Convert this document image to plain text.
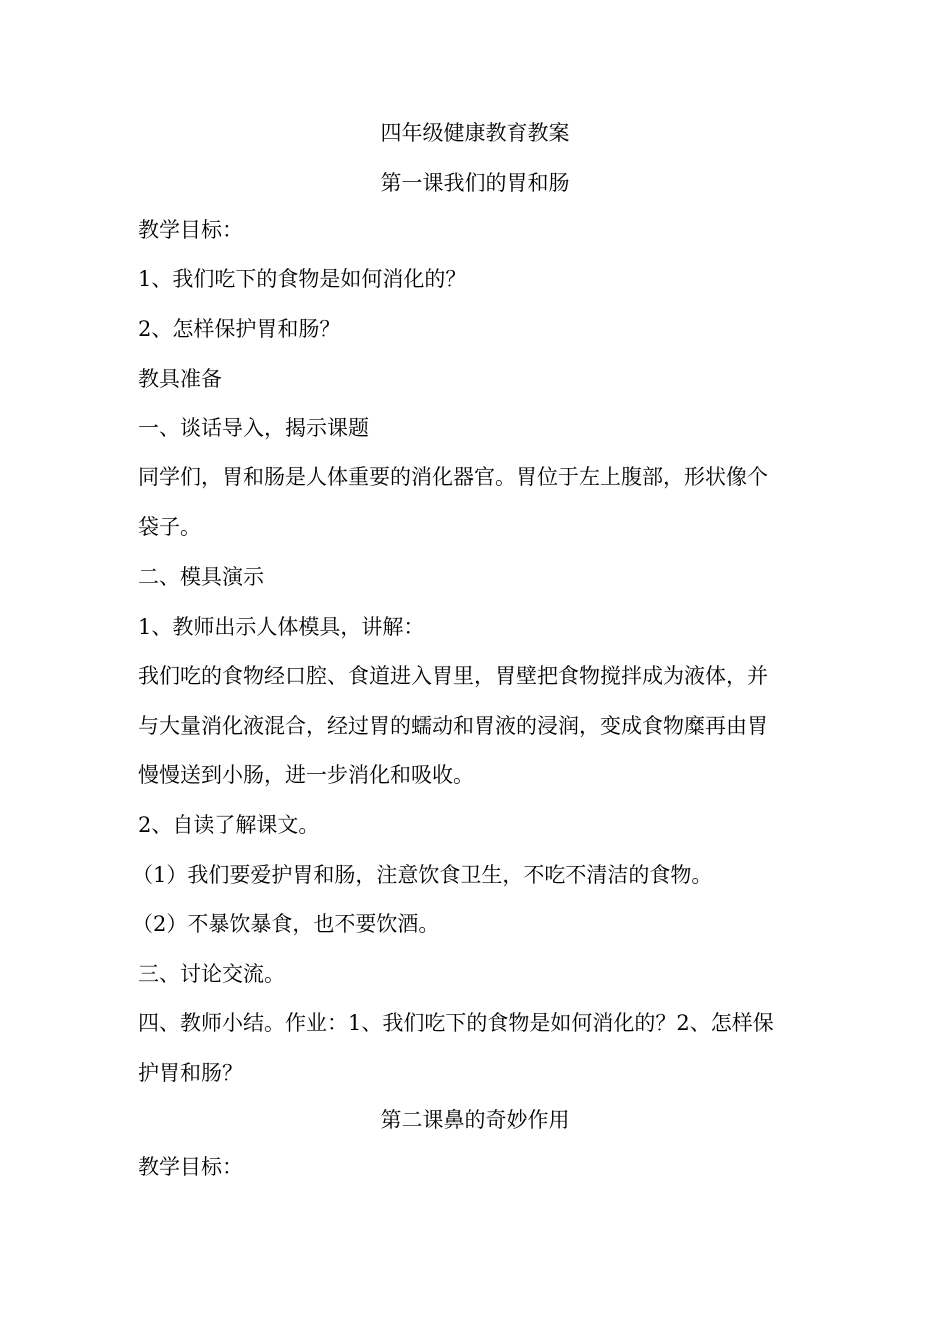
四年级健康教育教案
第一课我们的胃和肠
教学目标：
1、我们吃下的食物是如何消化的？
2、怎样保护胃和肠？
教具准备
一、谈话导入，揭示课题
同学们，胃和肠是人体重要的消化器官。胃位于左上腹部，形状像个
袋子。
二、模具演示
1、教师出示人体模具，讲解：
我们吃的食物经口腔、食道进入胃里，胃壁把食物搅拌成为液体，并
与大量消化液混合，经过胃的蠕动和胃液的浸润，变成食物糜再由胃
慢慢送到小肠，进一步消化和吸收。
2、自读了解课文。
（1）我们要爱护胃和肠，注意饮食卫生，不吃不清洁的食物。
（2）不暴饮暴食，也不要饮酒。
三、讨论交流。
四、教师小结。作业：1、我们吃下的食物是如何消化的？2、怎样保
护胃和肠？
第二课鼻的奇妙作用
教学目标：
